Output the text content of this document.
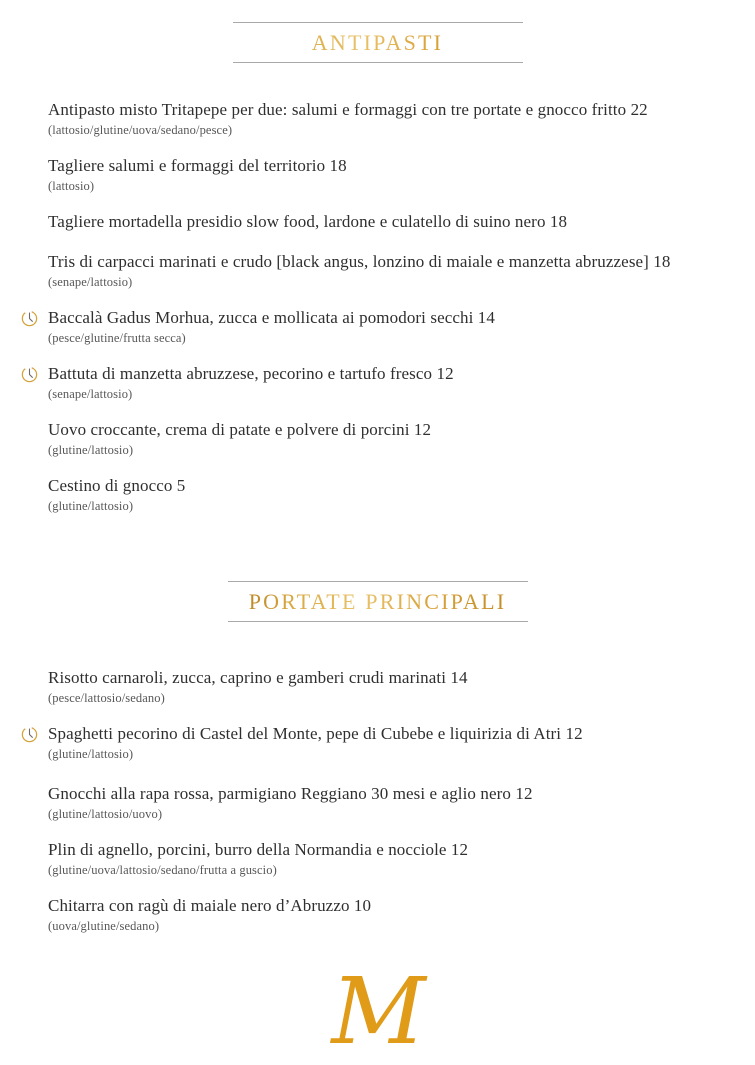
ANTIPASTI
Antipasto misto Tritapepe per due: salumi e formaggi con tre portate e gnocco fritto 22
(lattosio/glutine/uova/sedano/pesce)
Tagliere salumi e formaggi del territorio 18
(lattosio)
Tagliere mortadella presidio slow food, lardone e culatello di suino nero 18
Tris di carpacci marinati e crudo [black angus, lonzino di maiale e manzetta abruzzese] 18
(senape/lattosio)
Baccalà Gadus Morhua, zucca e mollicata ai pomodori secchi 14
(pesce/glutine/frutta secca)
Battuta di manzetta abruzzese, pecorino e tartufo fresco 12
(senape/lattosio)
Uovo croccante, crema di patate e polvere di porcini 12
(glutine/lattosio)
Cestino di gnocco 5
(glutine/lattosio)
PORTATE PRINCIPALI
Risotto carnaroli, zucca, caprino e gamberi crudi marinati 14
(pesce/lattosio/sedano)
Spaghetti pecorino di Castel del Monte, pepe di Cubebe e liquirizia di Atri 12
(glutine/lattosio)
Gnocchi alla rapa rossa, parmigiano Reggiano 30 mesi e aglio nero 12
(glutine/lattosio/uovo)
Plin di agnello, porcini, burro della Normandia e nocciole 12
(glutine/uova/lattosio/sedano/frutta a guscio)
Chitarra con ragù di maiale nero d’Abruzzo 10
(uova/glutine/sedano)
M
